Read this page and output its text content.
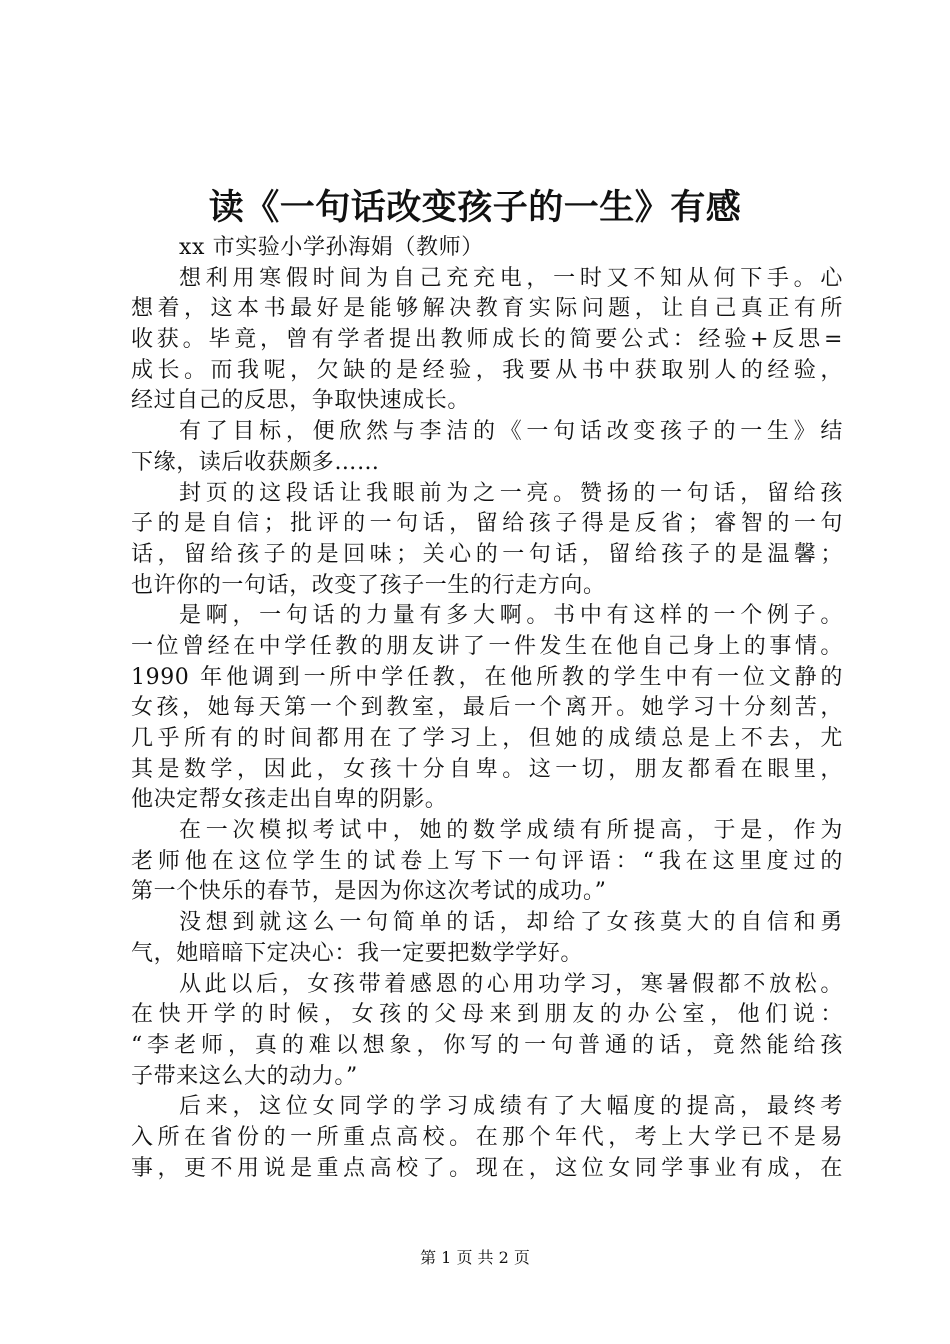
读《一句话改变孩子的一生》有感
xx 市实验小学孙海娟（教师）
想利用寒假时间为自己充充电，一时又不知从何下手。心
想着，这本书最好是能够解决教育实际问题，让自己真正有所
收获。毕竟，曾有学者提出教师成长的简要公式：经验+反思=
成长。而我呢，欠缺的是经验，我要从书中获取别人的经验，
经过自己的反思，争取快速成长。
有了目标，便欣然与李洁的《一句话改变孩子的一生》结
下缘，读后收获颇多……
封页的这段话让我眼前为之一亮。赞扬的一句话，留给孩
子的是自信；批评的一句话，留给孩子得是反省；睿智的一句
话，留给孩子的是回味；关心的一句话，留给孩子的是温馨；
也许你的一句话，改变了孩子一生的行走方向。
是啊，一句话的力量有多大啊。书中有这样的一个例子。
一位曾经在中学任教的朋友讲了一件发生在他自己身上的事情。
1990 年他调到一所中学任教，在他所教的学生中有一位文静的
女孩，她每天第一个到教室，最后一个离开。她学习十分刻苦，
几乎所有的时间都用在了学习上，但她的成绩总是上不去，尤
其是数学，因此，女孩十分自卑。这一切，朋友都看在眼里，
他决定帮女孩走出自卑的阴影。
在一次模拟考试中，她的数学成绩有所提高，于是，作为
老师他在这位学生的试卷上写下一句评语：“我在这里度过的
第一个快乐的春节，是因为你这次考试的成功。”
没想到就这么一句简单的话，却给了女孩莫大的自信和勇
气，她暗暗下定决心：我一定要把数学学好。
从此以后，女孩带着感恩的心用功学习，寒暑假都不放松。
在快开学的时候，女孩的父母来到朋友的办公室，他们说：
“李老师，真的难以想象，你写的一句普通的话，竟然能给孩
子带来这么大的动力。”
后来，这位女同学的学习成绩有了大幅度的提高，最终考
入所在省份的一所重点高校。在那个年代，考上大学已不是易
事，更不用说是重点高校了。现在，这位女同学事业有成，在
第 1 页 共 2 页
